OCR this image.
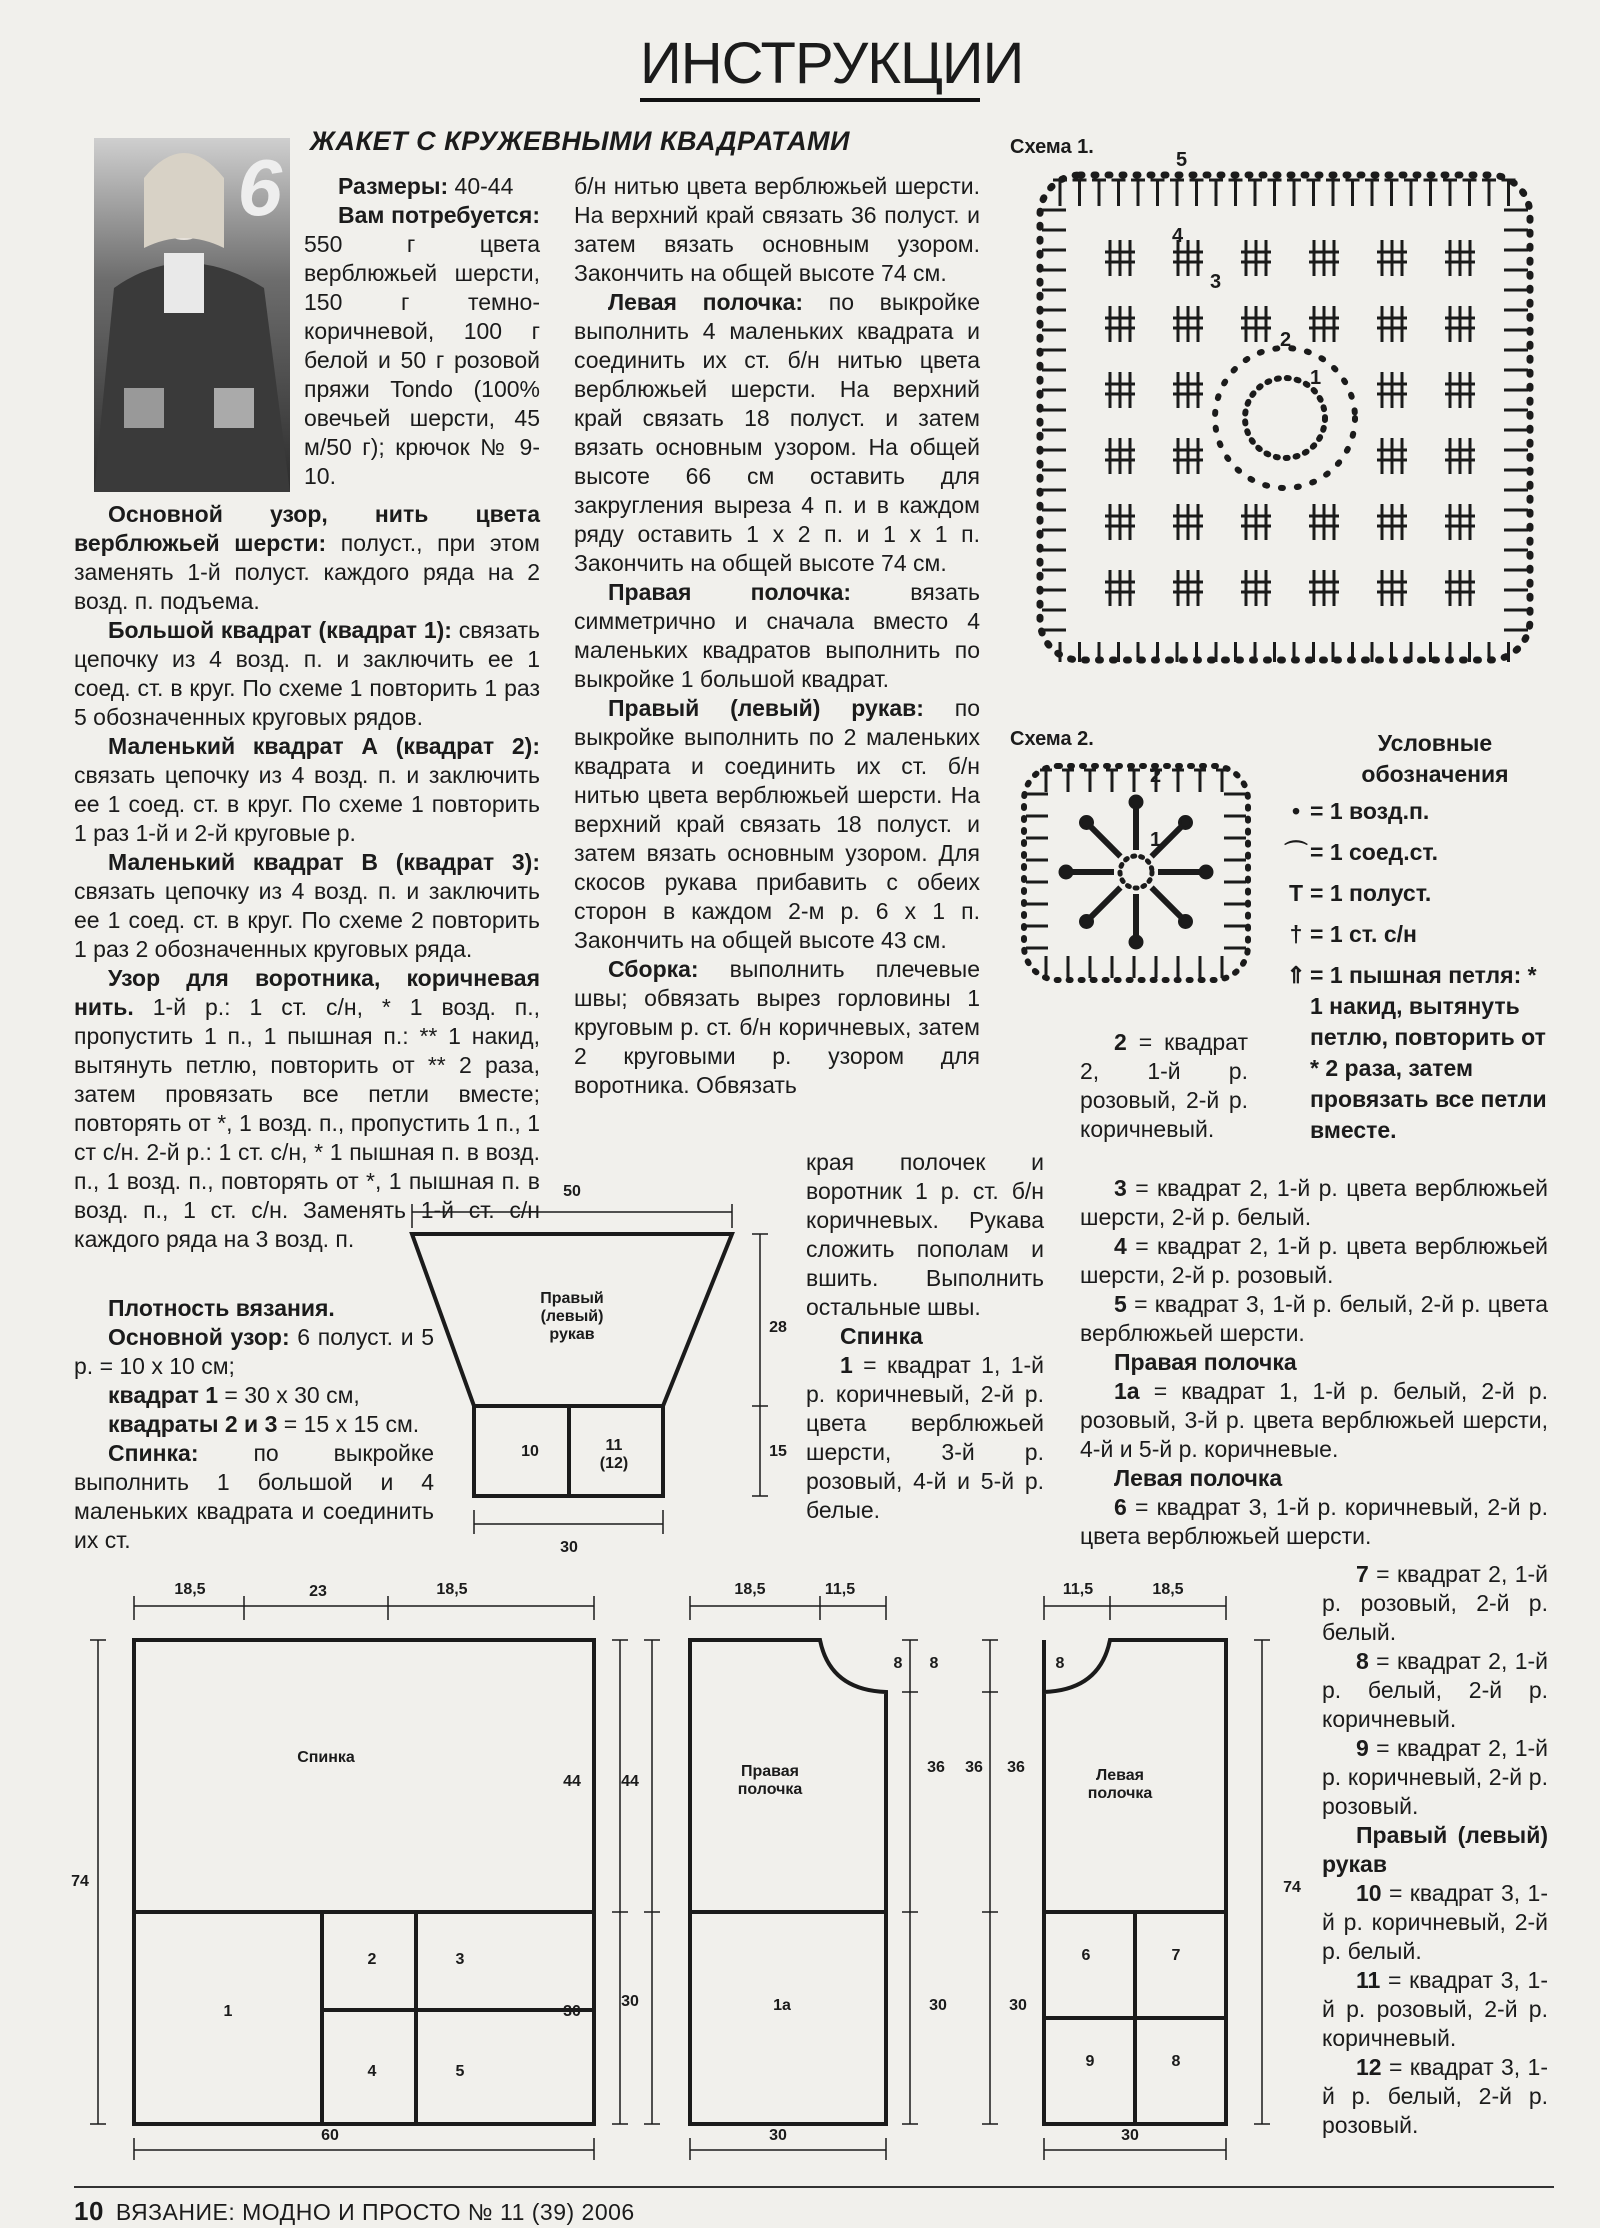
ИНСТРУКЦИИ
6
ЖАКЕТ С КРУЖЕВНЫМИ КВАДРАТАМИ

Размеры: 40-44

Вам потребуется: 550 г цвета верблюжьей шерсти, 150 г темно-коричневой, 100 г белой и 50 г розовой пряжи Tondo (100% овечьей шерсти, 45 м/50 г); крючок № 9-10.

Основной узор, нить цвета верблюжьей шерсти: полуст., при этом заменять 1-й полуст. каждого ряда на 2 возд. п. подъема.

Большой квадрат (квадрат 1): связать цепочку из 4 возд. п. и заключить ее 1 соед. ст. в круг. По схеме 1 повторить 1 раз 5 обозначенных круговых рядов.

Маленький квадрат А (квадрат 2): связать цепочку из 4 возд. п. и заключить ее 1 соед. ст. в круг. По схеме 1 повторить 1 раз 1-й и 2-й круговые р.

Маленький квадрат В (квадрат 3): связать цепочку из 4 возд. п. и заключить ее 1 соед. ст. в круг. По схеме 2 повторить 1 раз 2 обозначенных круговых ряда.

Узор для воротника, коричневая нить. 1-й р.: 1 ст. с/н, * 1 возд. п., пропустить 1 п., 1 пышная п.: ** 1 накид, вытянуть петлю, повторить от ** 2 раза, затем провязать все петли вместе; повторять от *, 1 возд. п., пропустить 1 п., 1 ст с/н. 2-й р.: 1 ст. с/н, * 1 пышная п. в возд. п., 1 возд. п., повторять от *, 1 пышная п. в возд. п., 1 ст. с/н. Заменять 1-й ст. с/н каждого ряда на 3 возд. п.

Плотность вязания.

Основной узор: 6 полуст. и 5 р. = 10 x 10 см;

квадрат 1 = 30 x 30 см,

квадраты 2 и 3 = 15 x 15 см.

Спинка: по выкройке выполнить 1 большой и 4 маленьких квадрата и соединить их ст.

б/н нитью цвета верблюжьей шерсти. На верхний край связать 36 полуст. и затем вязать основным узором. Закончить на общей высоте 74 см.

Левая полочка: по выкройке выполнить 4 маленьких квадрата и соединить их ст. б/н нитью цвета верблюжьей шерсти. На верхний край связать 18 полуст. и затем вязать основным узором. На общей высоте 66 см оставить для закругления выреза 4 п. и в каждом ряду оставить 1 x 2 п. и 1 x 1 п. Закончить на общей высоте 74 см.

Правая полочка: вязать симметрично и сначала вместо 4 маленьких квадратов выполнить по выкройке 1 большой квадрат.

Правый (левый) рукав: по выкройке выполнить по 2 маленьких квадрата и соединить их ст. б/н нитью цвета верблюжьей шерсти. На верхний край связать 18 полуст. и затем вязать основным узором. Для скосов рукава прибавить с обеих сторон в каждом 2-м р. 6 x 1 п. Закончить на общей высоте 43 см.

Сборка: выполнить плечевые швы; обвязать вырез горловины 1 круговым р. ст. б/н коричневых, затем 2 круговыми р. узором для воротника. Обвязать

края полочек и воротник 1 р. ст. б/н коричневых. Рукава сложить пополам и вшить. Выполнить остальные швы.

Спинка

1 = квадрат 1, 1-й р. коричневый, 2-й р. цвета верблюжьей шерсти, 3-й р. розовый, 4-й и 5-й р. белые.

2 = квадрат 2, 1-й р. розовый, 2-й р. коричневый.

3 = квадрат 2, 1-й р. цвета верблюжьей шерсти, 2-й р. белый.

4 = квадрат 2, 1-й р. цвета верблюжьей шерсти, 2-й р. розовый.

5 = квадрат 3, 1-й р. белый, 2-й р. цвета верблюжьей шерсти.

Правая полочка

1a = квадрат 1, 1-й р. белый, 2-й р. розовый, 3-й р. цвета верблюжьей шерсти, 4-й и 5-й р. коричневые.

Левая полочка

6 = квадрат 3, 1-й р. коричневый, 2-й р. цвета верблюжьей шерсти.

7 = квадрат 2, 1-й р. розовый, 2-й р. белый.

8 = квадрат 2, 1-й р. белый, 2-й р. коричневый.

9 = квадрат 2, 1-й р. коричневый, 2-й р. розовый.

Правый (левый) рукав

10 = квадрат 3, 1-й р. коричневый, 2-й р. белый.

11 = квадрат 3, 1-й р. розовый, 2-й р. коричневый.

12 = квадрат 3, 1-й р. белый, 2-й р. розовый.

Схема 1.
1
2
3
4
5
Схема 2.
1
2
Условные обозначения
• = 1 возд.п.
⌒ = 1 соед.ст.
T = 1 полуст.
† = 1 ст. с/н
⇑ = 1 пышная петля: * 1 накид, вытянуть петлю, повторить от * 2 раза, затем провязать все петли вместе.
Правый (левый) рукав
50
28
15
30
10	11
(12)
Спинка
18,5	23	18,5
74
44
30
60
1
2	3
4	5
Правая
полочка
18,5	11,5
8
8
44
36
30	30
30
1a
Левая
полочка
11,5	18,5
8
36 36
74
30
30
6	7
9	8
10 ВЯЗАНИЕ: МОДНО И ПРОСТО № 11 (39) 2006
